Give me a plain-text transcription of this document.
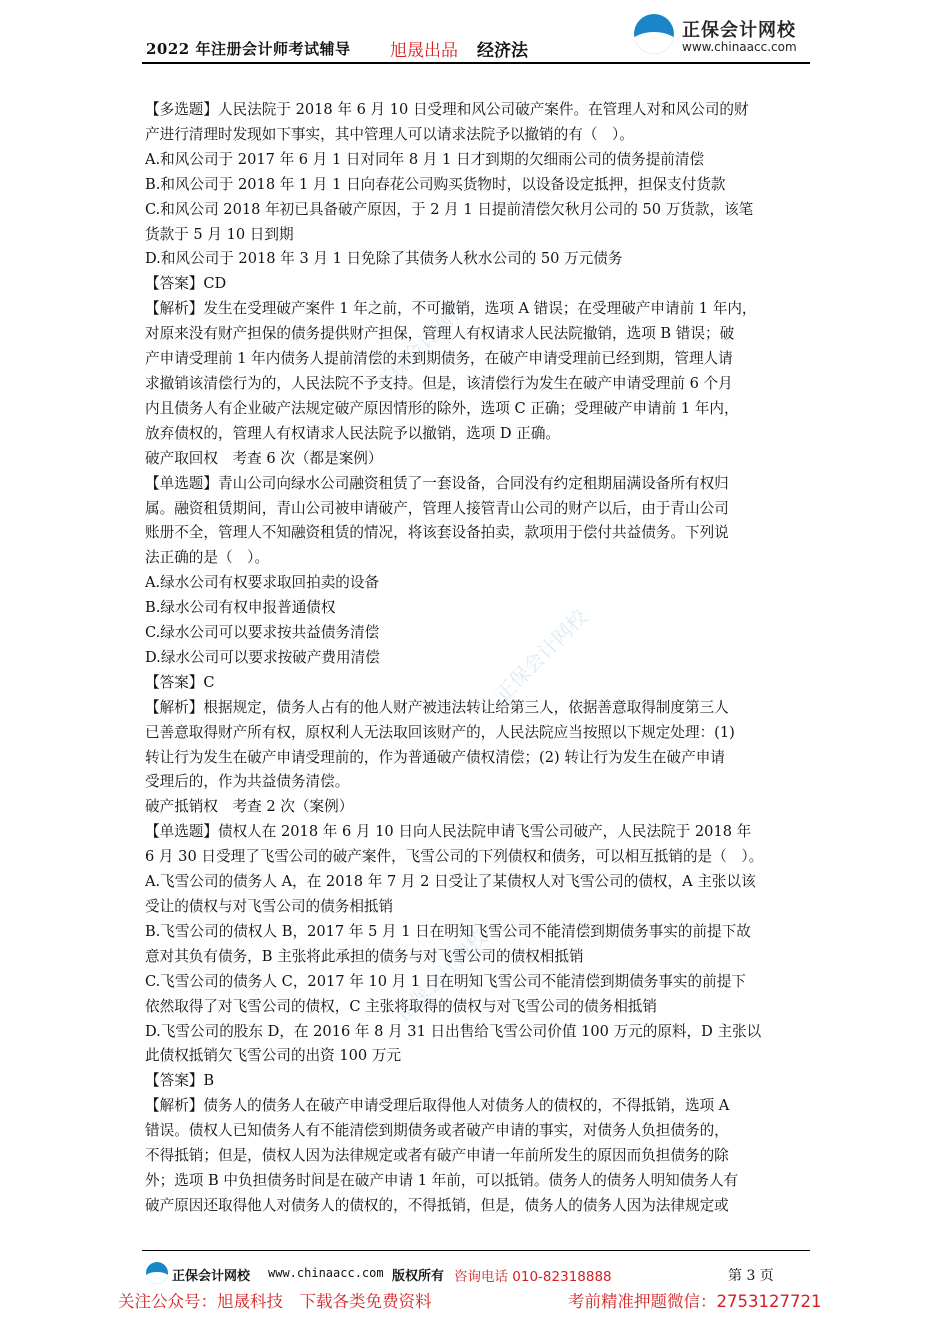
2022 年注册会计师考试辅导 旭晟出品 经济法
正保会计网校
www.chinaacc.com
正保会计网校
正保会计网校
正保会计网校

【多选题】人民法院于 2018 年 6 月 10 日受理和风公司破产案件。在管理人对和风公司的财

产进行清理时发现如下事实，其中管理人可以请求法院予以撤销的有（　）。

A.和风公司于 2017 年 6 月 1 日对同年 8 月 1 日才到期的欠细雨公司的债务提前清偿

B.和风公司于 2018 年 1 月 1 日向春花公司购买货物时，以设备设定抵押，担保支付货款

C.和风公司 2018 年初已具备破产原因，于 2 月 1 日提前清偿欠秋月公司的 50 万货款，该笔

货款于 5 月 10 日到期

D.和风公司于 2018 年 3 月 1 日免除了其债务人秋水公司的 50 万元债务

【答案】CD

【解析】发生在受理破产案件 1 年之前，不可撤销，选项 A 错误；在受理破产申请前 1 年内，

对原来没有财产担保的债务提供财产担保，管理人有权请求人民法院撤销，选项 B 错误；破

产申请受理前 1 年内债务人提前清偿的未到期债务，在破产申请受理前已经到期，管理人请

求撤销该清偿行为的，人民法院不予支持。但是，该清偿行为发生在破产申请受理前 6 个月

内且债务人有企业破产法规定破产原因情形的除外，选项 C 正确；受理破产申请前 1 年内，

放弃债权的，管理人有权请求人民法院予以撤销，选项 D 正确。

破产取回权　考查 6 次（都是案例）

【单选题】青山公司向绿水公司融资租赁了一套设备，合同没有约定租期届满设备所有权归

属。融资租赁期间，青山公司被申请破产，管理人接管青山公司的财产以后，由于青山公司

账册不全，管理人不知融资租赁的情况，将该套设备拍卖，款项用于偿付共益债务。下列说

法正确的是（　）。

A.绿水公司有权要求取回拍卖的设备

B.绿水公司有权申报普通债权

C.绿水公司可以要求按共益债务清偿

D.绿水公司可以要求按破产费用清偿

【答案】C

【解析】根据规定，债务人占有的他人财产被违法转让给第三人，依据善意取得制度第三人

已善意取得财产所有权，原权利人无法取回该财产的，人民法院应当按照以下规定处理：(1)

转让行为发生在破产申请受理前的，作为普通破产债权清偿；(2) 转让行为发生在破产申请

受理后的，作为共益债务清偿。

破产抵销权　考查 2 次（案例）

【单选题】债权人在 2018 年 6 月 10 日向人民法院申请飞雪公司破产，人民法院于 2018 年

6 月 30 日受理了飞雪公司的破产案件，飞雪公司的下列债权和债务，可以相互抵销的是（　）。

A.飞雪公司的债务人 A，在 2018 年 7 月 2 日受让了某债权人对飞雪公司的债权，A 主张以该

受让的债权与对飞雪公司的债务相抵销

B.飞雪公司的债权人 B，2017 年 5 月 1 日在明知飞雪公司不能清偿到期债务事实的前提下故

意对其负有债务，B 主张将此承担的债务与对飞雪公司的债权相抵销

C.飞雪公司的债务人 C，2017 年 10 月 1 日在明知飞雪公司不能清偿到期债务事实的前提下

依然取得了对飞雪公司的债权，C 主张将取得的债权与对飞雪公司的债务相抵销

D.飞雪公司的股东 D，在 2016 年 8 月 31 日出售给飞雪公司价值 100 万元的原料，D 主张以

此债权抵销欠飞雪公司的出资 100 万元

【答案】B

【解析】债务人的债务人在破产申请受理后取得他人对债务人的债权的，不得抵销，选项 A

错误。债权人已知债务人有不能清偿到期债务或者破产申请的事实，对债务人负担债务的，

不得抵销；但是，债权人因为法律规定或者有破产申请一年前所发生的原因而负担债务的除

外；选项 B 中负担债务时间是在破产申请 1 年前，可以抵销。债务人的债务人明知债务人有

破产原因还取得他人对债务人的债权的，不得抵销，但是，债务人的债务人因为法律规定或

正保会计网校 www.chinaacc.com 版权所有 咨询电话 010-82318888	第 3 页
关注公众号：旭晟科技　下载各类免费资料	考前精准押题微信：2753127721
